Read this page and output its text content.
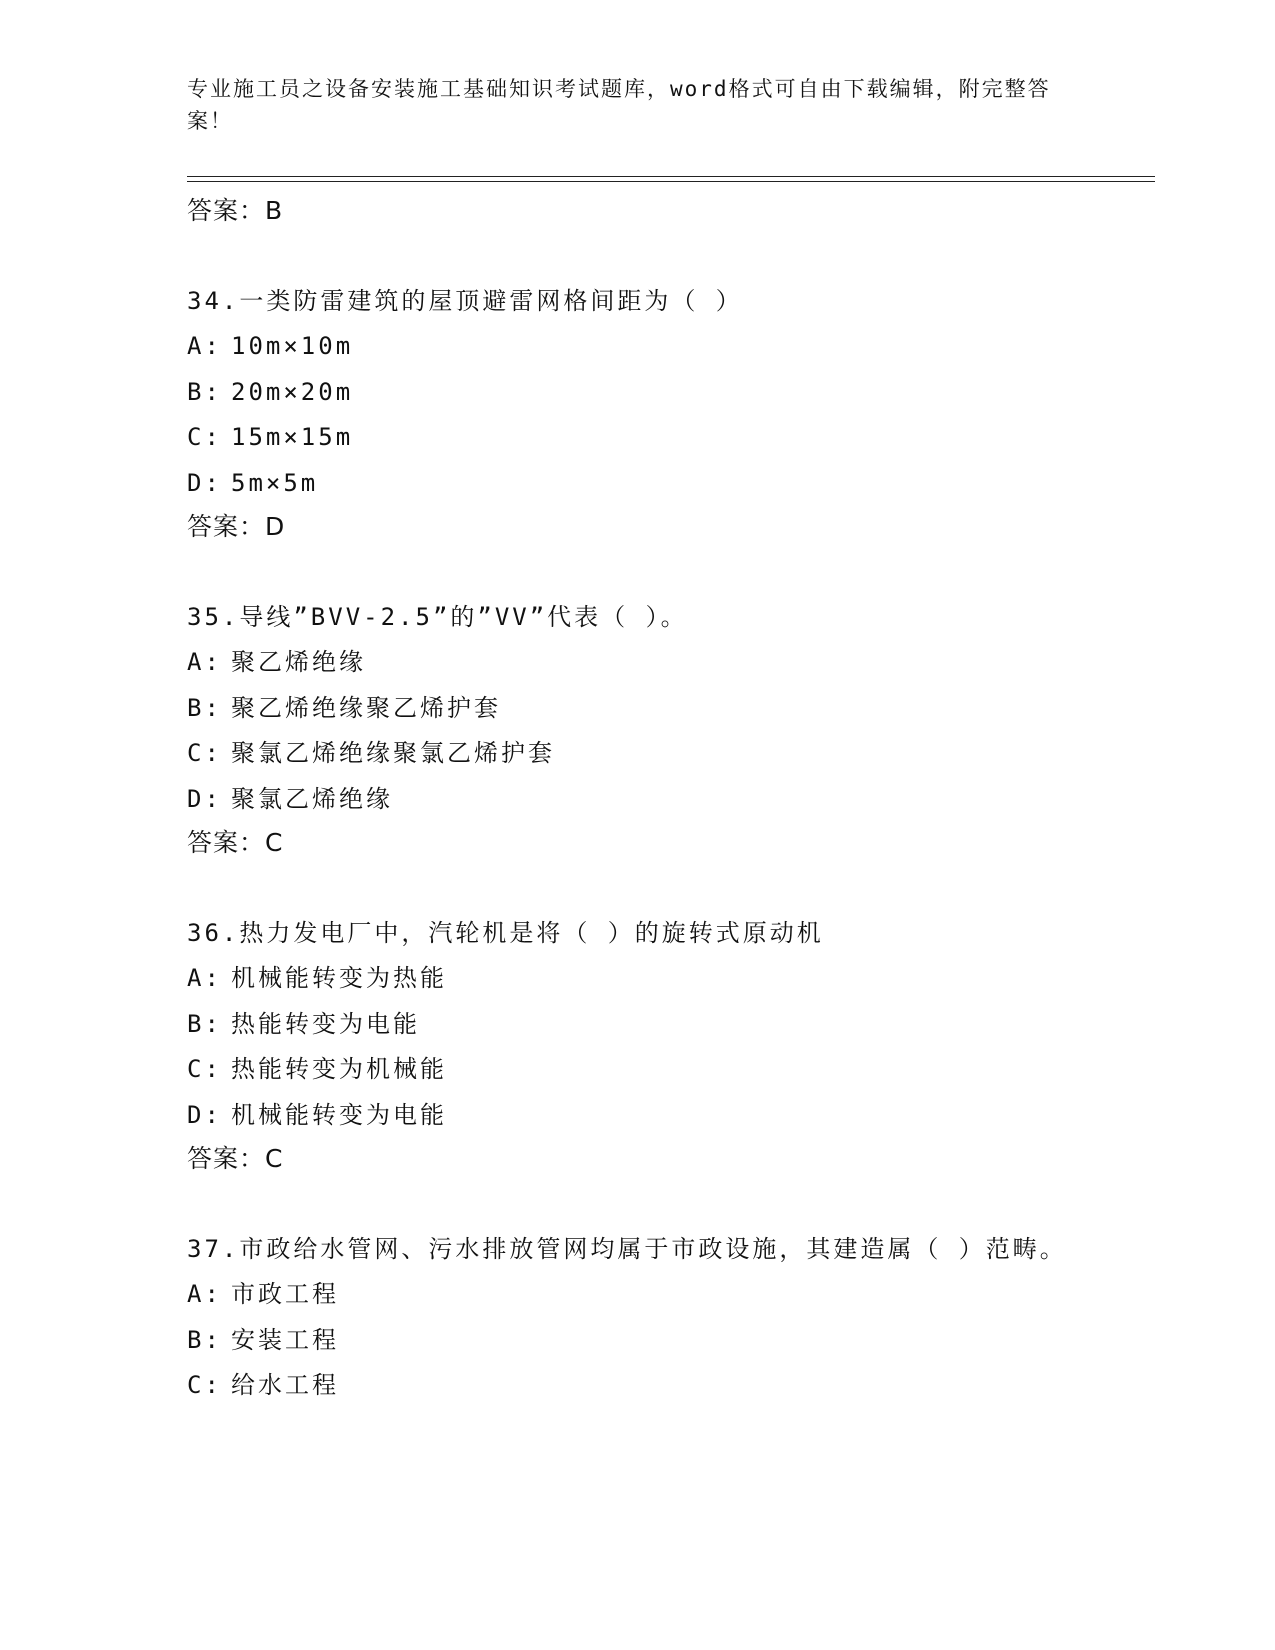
专业施工员之设备安装施工基础知识考试题库，word格式可自由下载编辑，附完整答案！

答案：B

34.一类防雷建筑的屋顶避雷网格间距为（ ）

A: 10m×10m

B: 20m×20m

C: 15m×15m

D: 5m×5m

答案：D

35.导线”BVV-2.5”的”VV”代表（ ）。

A: 聚乙烯绝缘

B: 聚乙烯绝缘聚乙烯护套

C: 聚氯乙烯绝缘聚氯乙烯护套

D: 聚氯乙烯绝缘

答案：C

36.热力发电厂中，汽轮机是将（ ）的旋转式原动机

A: 机械能转变为热能

B: 热能转变为电能

C: 热能转变为机械能

D: 机械能转变为电能

答案：C

37.市政给水管网、污水排放管网均属于市政设施，其建造属（ ）范畴。

A: 市政工程

B: 安装工程

C: 给水工程
